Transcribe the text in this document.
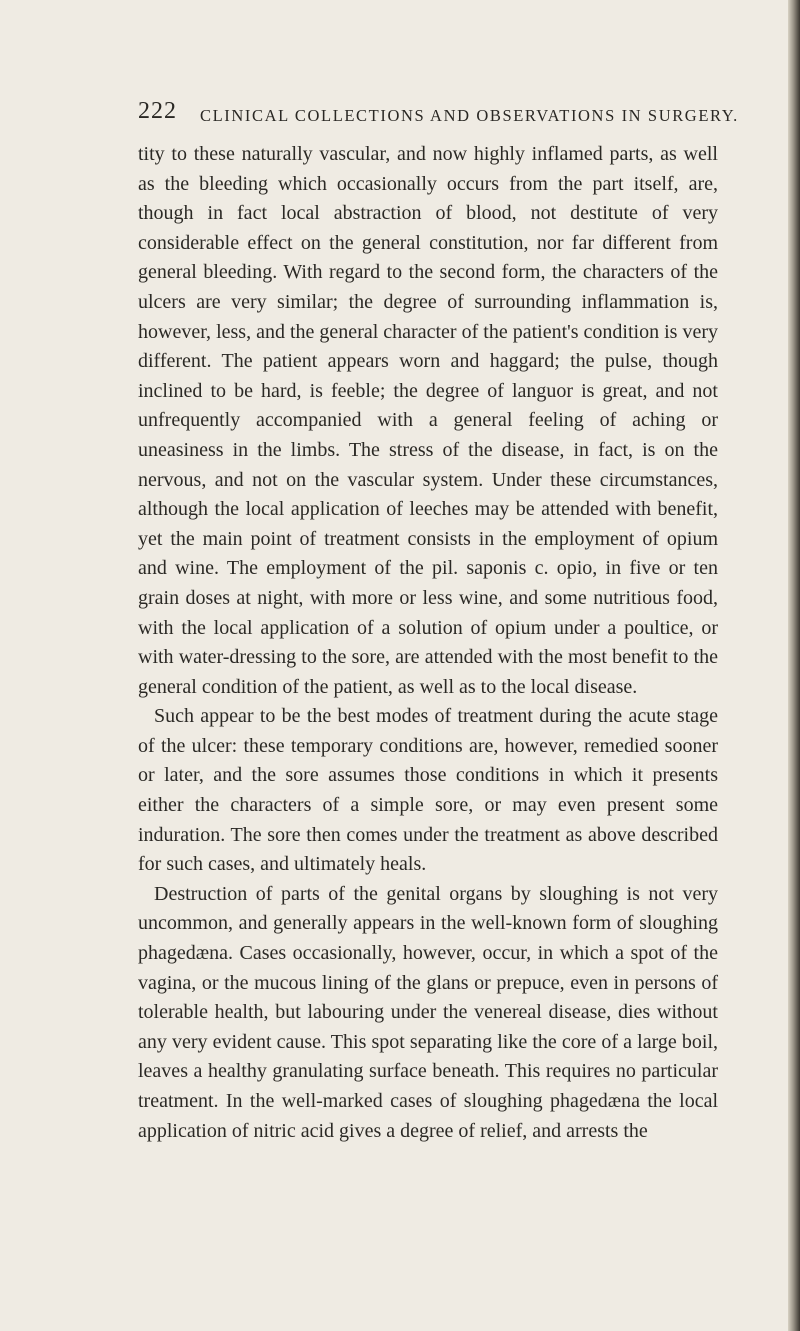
222 CLINICAL COLLECTIONS AND OBSERVATIONS IN SURGERY.

tity to these naturally vascular, and now highly inflamed parts, as well as the bleeding which occasionally occurs from the part itself, are, though in fact local abstraction of blood, not destitute of very considerable effect on the general constitution, nor far different from general bleeding. With regard to the second form, the characters of the ulcers are very similar; the degree of surrounding inflammation is, however, less, and the general character of the patient's condition is very different. The patient appears worn and haggard; the pulse, though inclined to be hard, is feeble; the degree of languor is great, and not unfrequently accompanied with a general feeling of aching or uneasiness in the limbs. The stress of the disease, in fact, is on the nervous, and not on the vascular system. Under these circumstances, although the local application of leeches may be attended with benefit, yet the main point of treatment consists in the employment of opium and wine. The employment of the pil. saponis c. opio, in five or ten grain doses at night, with more or less wine, and some nutritious food, with the local application of a solution of opium under a poultice, or with water-dressing to the sore, are attended with the most benefit to the general condition of the patient, as well as to the local disease.

Such appear to be the best modes of treatment during the acute stage of the ulcer: these temporary conditions are, however, remedied sooner or later, and the sore assumes those conditions in which it presents either the characters of a simple sore, or may even present some induration. The sore then comes under the treatment as above described for such cases, and ultimately heals.

Destruction of parts of the genital organs by sloughing is not very uncommon, and generally appears in the well-known form of sloughing phagedæna. Cases occasionally, however, occur, in which a spot of the vagina, or the mucous lining of the glans or prepuce, even in persons of tolerable health, but labouring under the venereal disease, dies without any very evident cause. This spot separating like the core of a large boil, leaves a healthy granulating surface beneath. This requires no particular treatment. In the well-marked cases of sloughing phagedæna the local application of nitric acid gives a degree of relief, and arrests the
